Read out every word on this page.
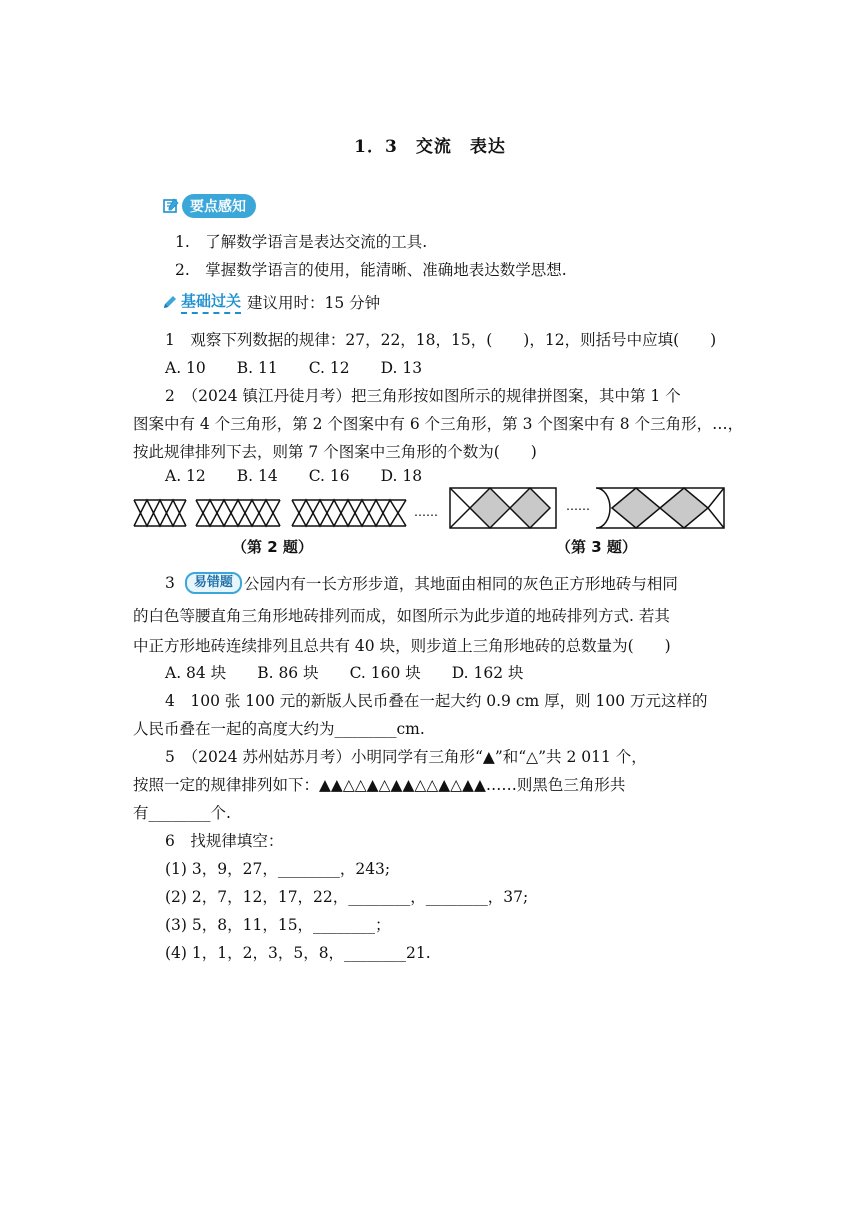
1．3　交流　表达
要点感知
1.　了解数学语言是表达交流的工具.
2.　掌握数学语言的使用，能清晰、准确地表达数学思想.
基础过关 建议用时：15 分钟
1　观察下列数据的规律：27，22，18，15，(　　)，12，则括号中应填(　　)
A. 10　　B. 11　　C. 12　　D. 13
2　（2024 镇江丹徒月考）把三角形按如图所示的规律拼图案，其中第 1 个
图案中有 4 个三角形，第 2 个图案中有 6 个三角形，第 3 个图案中有 8 个三角形，…，
按此规律排列下去，则第 7 个图案中三角形的个数为(　　)
A. 12　　B. 14　　C. 16　　D. 18
……	……
（第 2 题）	（第 3 题）
3	易错题 公园内有一长方形步道，其地面由相同的灰色正方形地砖与相同
的白色等腰直角三角形地砖排列而成，如图所示为此步道的地砖排列方式. 若其
中正方形地砖连续排列且总共有 40 块，则步道上三角形地砖的总数量为(　　)
A. 84 块　　B. 86 块　　C. 160 块　　D. 162 块
4　100 张 100 元的新版人民币叠在一起大约 0.9 cm 厚，则 100 万元这样的
人民币叠在一起的高度大约为________cm.
5　（2024 苏州姑苏月考）小明同学有三角形“▲”和“△”共 2 011 个，
按照一定的规律排列如下：▲▲△△▲△▲▲△△▲△▲▲……则黑色三角形共
有________个.
6　找规律填空：
(1) 3，9，27，________，243;
(2) 2，7，12，17，22，________，________，37;
(3) 5，8，11，15，________；
(4) 1，1，2，3，5，8，________21.
